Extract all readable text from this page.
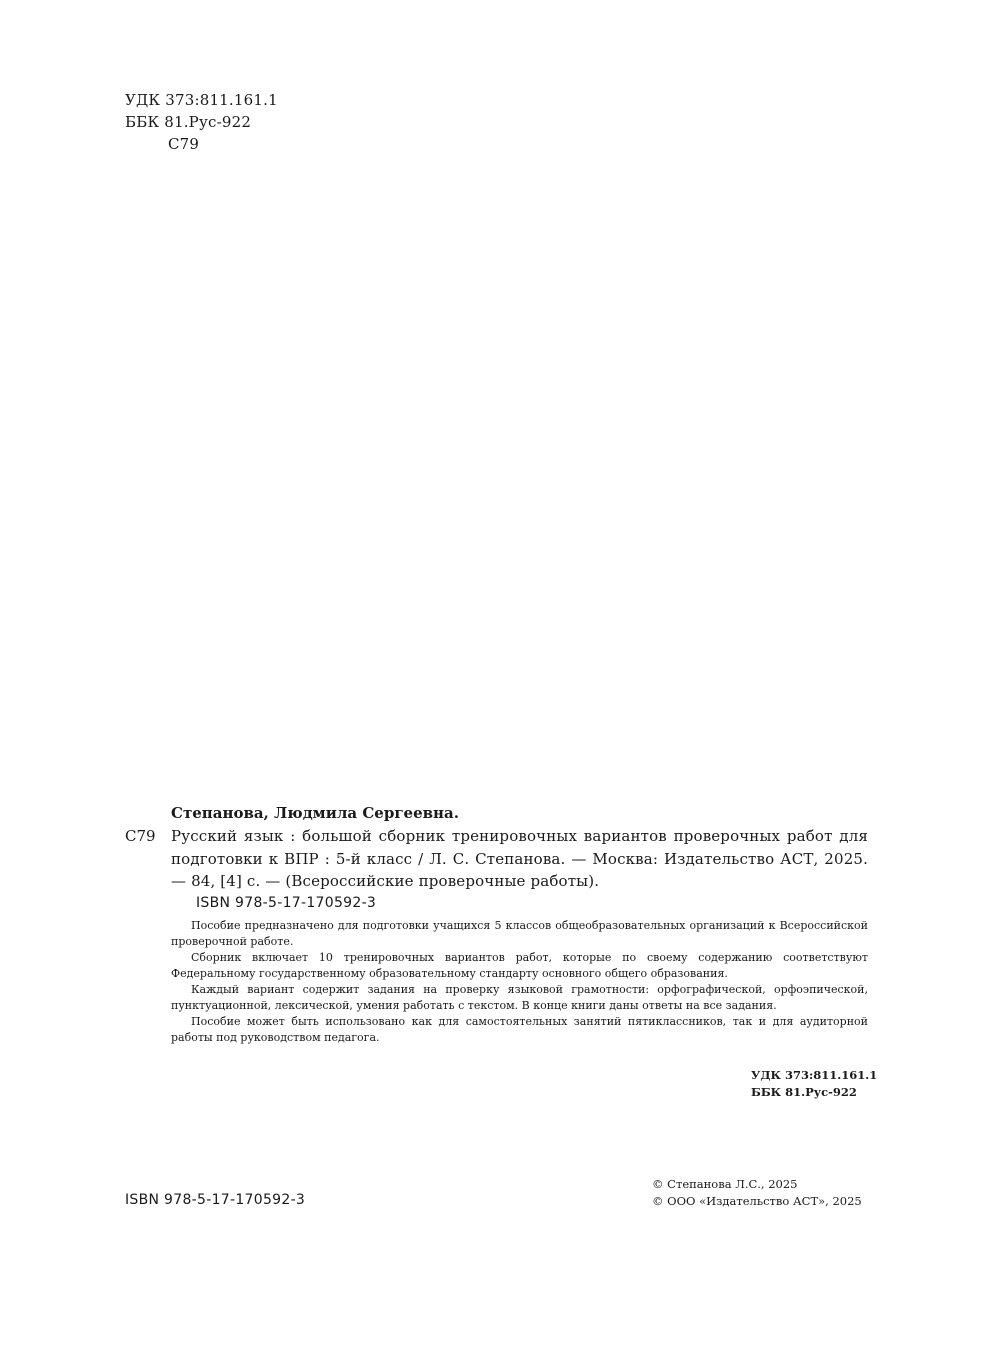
УДК 373:811.161.1
ББК 81.Рус-922
С79
Степанова, Людмила Сергеевна.
С79 Русский язык : большой сборник тренировочных вариантов проверочных работ для подготовки к ВПР : 5-й класс / Л. С. Степанова. — Москва: Издательство АСТ, 2025. — 84, [4] с. — (Всероссийские проверочные работы).
ISBN 978-5-17-170592-3

Пособие предназначено для подготовки учащихся 5 классов общеобразовательных организаций к Всероссийской проверочной работе.

Сборник включает 10 тренировочных вариантов работ, которые по своему содержанию соответствуют Федеральному государственному образовательному стандарту основного общего образования.

Каждый вариант содержит задания на проверку языковой грамотности: орфографической, орфоэпической, пунктуационной, лексической, умения работать с текстом. В конце книги даны ответы на все задания.

Пособие может быть использовано как для самостоятельных занятий пятиклассников, так и для аудиторной работы под руководством педагога.

УДК 373:811.161.1
ББК 81.Рус-922
ISBN 978-5-17-170592-3
© Степанова Л.С., 2025
© ООО «Издательство АСТ», 2025
